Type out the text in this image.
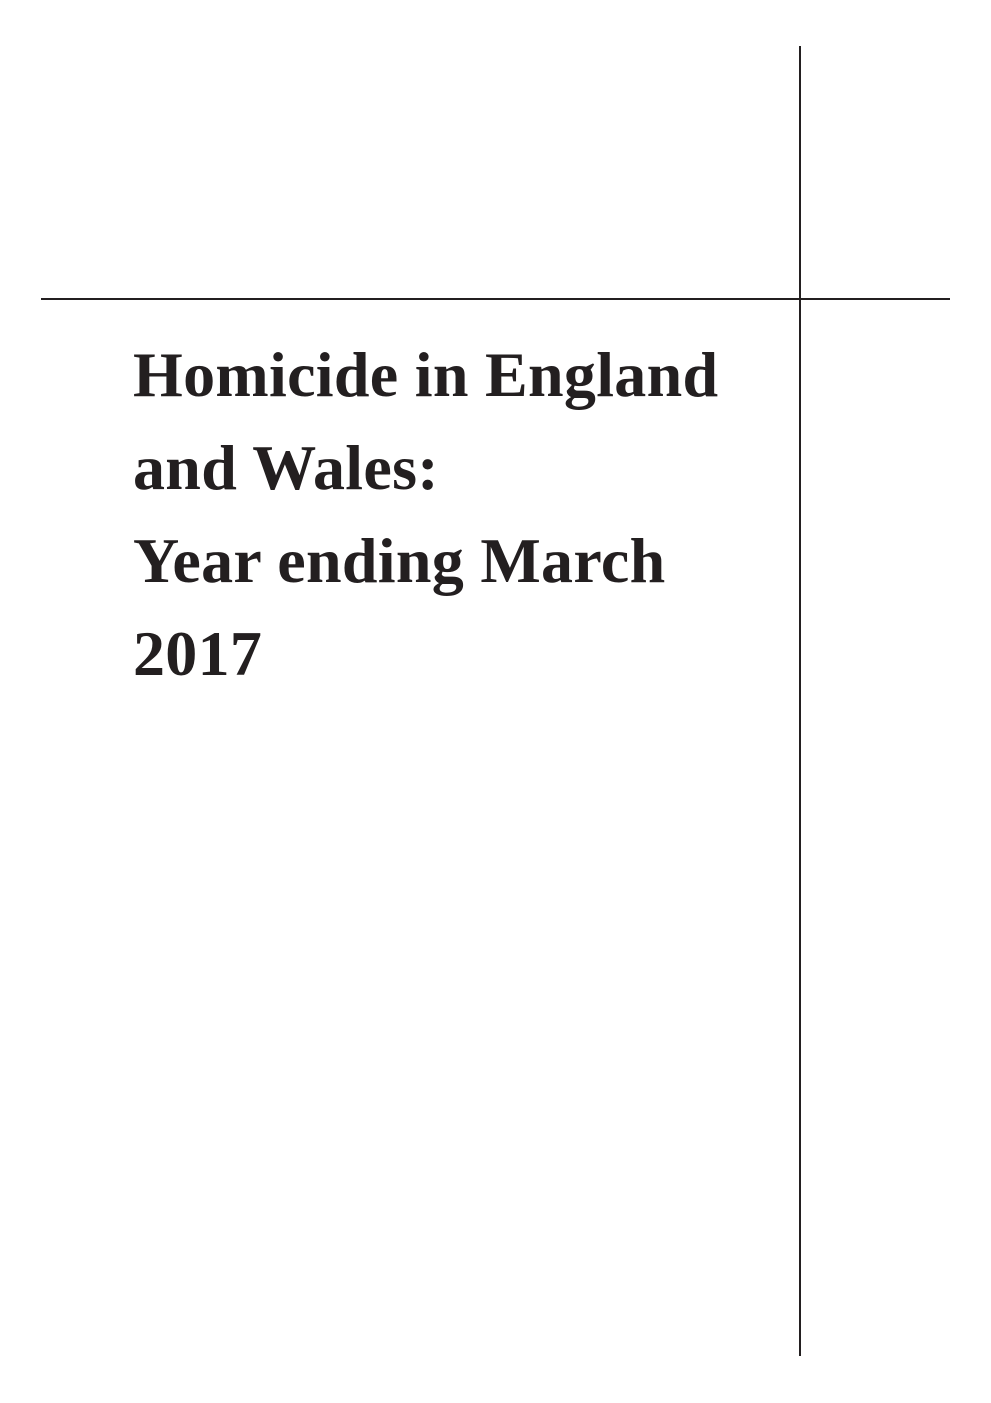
Homicide in England
and Wales:
Year ending March
2017
